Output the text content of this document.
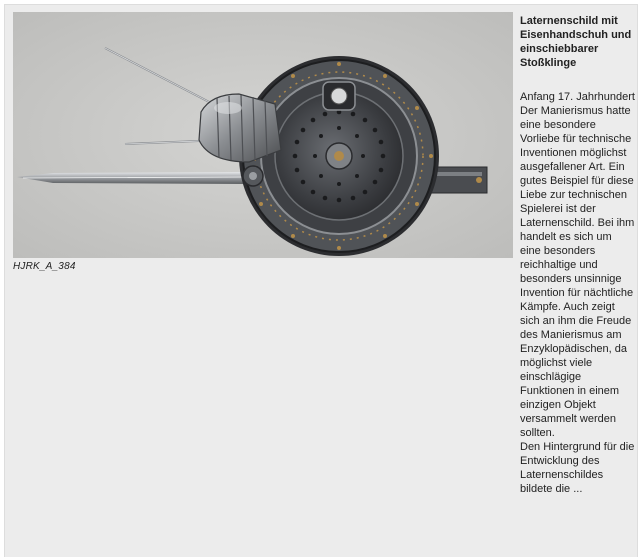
HJRK_A_384

Laternenschild mit Eisenhandschuh und einschiebbarer Stoßklinge

Anfang 17. Jahrhundert
Der Manierismus hatte eine besondere Vorliebe für technische Inventionen möglichst ausgefallener Art. Ein gutes Beispiel für diese Liebe zur technischen Spielerei ist der Laternenschild. Bei ihm handelt es sich um eine besonders reichhaltige und besonders unsinnige Invention für nächtliche Kämpfe. Auch zeigt sich an ihm die Freude des Manierismus am Enzyklopädischen, da möglichst viele einschlägige Funktionen in einem einzigen Objekt versammelt werden sollten.
Den Hintergrund für die Entwicklung des Laternenschildes bildete die ...
